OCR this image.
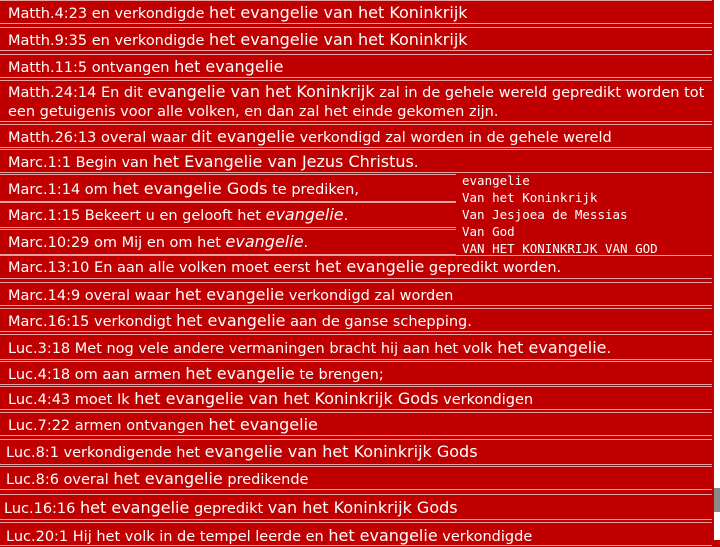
Matth.4:23 en verkondigde het evangelie van het Koninkrijk
Matth.9:35 en verkondigde het evangelie van het Koninkrijk
Matth.11:5 ontvangen het evangelie
Matth.24:14 En dit evangelie van het Koninkrijk zal in de gehele wereld gepredikt worden tot een getuigenis voor alle volken, en dan zal het einde gekomen zijn.
Matth.26:13 overal waar dit evangelie verkondigd zal worden in de gehele wereld
Marc.1:1 Begin van het Evangelie van Jezus Christus.
Marc.1:14 om het evangelie Gods te prediken,
Marc.1:15 Bekeert u en gelooft het evangelie.
Marc.10:29 om Mij en om het evangelie.
Marc.13:10 En aan alle volken moet eerst het evangelie gepredikt worden.
Marc.14:9 overal waar het evangelie verkondigd zal worden
Marc.16:15 verkondigt het evangelie aan de ganse schepping.
Luc.3:18 Met nog vele andere vermaningen bracht hij aan het volk het evangelie.
Luc.4:18 om aan armen het evangelie te brengen;
Luc.4:43 moet Ik het evangelie van het Koninkrijk Gods verkondigen
Luc.7:22 armen ontvangen het evangelie
Luc.8:1 verkondigende het evangelie van het Koninkrijk Gods
Luc.8:6 overal het evangelie predikende
Luc.16:16 het evangelie gepredikt van het Koninkrijk Gods
Luc.20:1 Hij het volk in de tempel leerde en het evangelie verkondigde
evangelie
Van het Koninkrijk
Van Jesjoea de Messias
Van God
VAN HET KONINKRIJK VAN GOD
